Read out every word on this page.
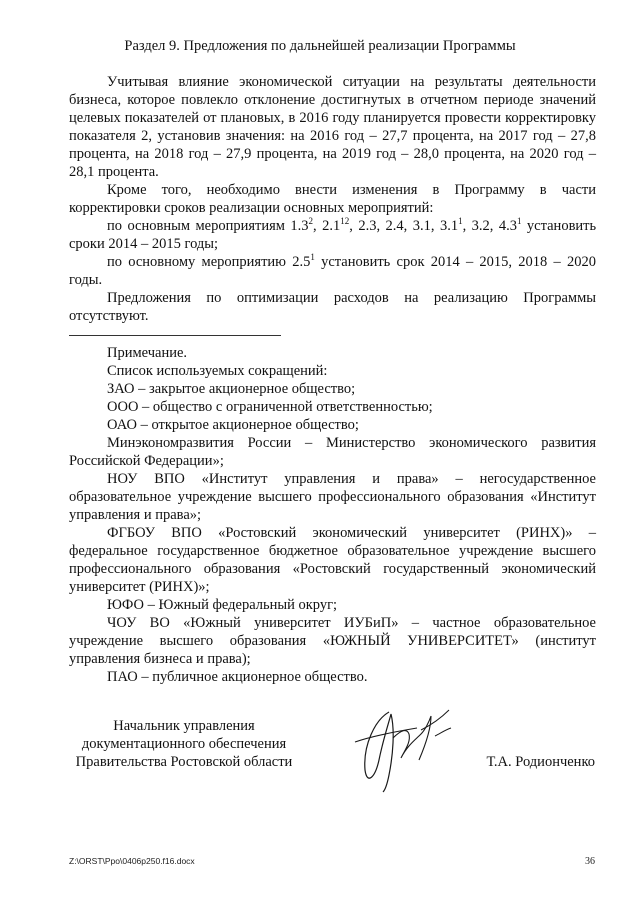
Раздел 9. Предложения по дальнейшей реализации Программы

Учитывая влияние экономической ситуации на результаты деятельности бизнеса, которое повлекло отклонение достигнутых в отчетном периоде значений целевых показателей от плановых, в 2016 году планируется провести корректировку показателя 2, установив значения: на 2016 год – 27,7 процента, на 2017 год – 27,8 процента, на 2018 год – 27,9 процента, на 2019 год – 28,0 процента, на 2020 год – 28,1 процента.

Кроме того, необходимо внести изменения в Программу в части корректировки сроков реализации основных мероприятий:

по основным мероприятиям $1.3^2$, $2.1^{12}$, 2.3, 2.4, 3.1, $3.1^1$, 3.2, $4.3^1$ установить сроки 2014 – 2015 годы;

по основному мероприятию $2.5^1$ установить срок 2014 – 2015, 2018 – 2020 годы.

Предложения по оптимизации расходов на реализацию Программы отсутствуют.

Примечание.

Список используемых сокращений:

ЗАО – закрытое акционерное общество;

ООО – общество с ограниченной ответственностью;

ОАО – открытое акционерное общество;

Минэкономразвития России – Министерство экономического развития Российской Федерации»;

НОУ ВПО «Институт управления и права» – негосударственное образовательное учреждение высшего профессионального образования «Институт управления и права»;

ФГБОУ ВПО «Ростовский экономический университет (РИНХ)» – федеральное государственное бюджетное образовательное учреждение высшего профессионального образования «Ростовский государственный экономический университет (РИНХ)»;

ЮФО – Южный федеральный округ;

ЧОУ ВО «Южный университет ИУБиП» – частное образовательное учреждение высшего образования «ЮЖНЫЙ УНИВЕРСИТЕТ» (институт управления бизнеса и права);

ПАО – публичное акционерное общество.

Начальник управления
документационного обеспечения
Правительства Ростовской области	Т.А. Родионченко
Z:\ORST\Ppo\0406p250.f16.docx	36
